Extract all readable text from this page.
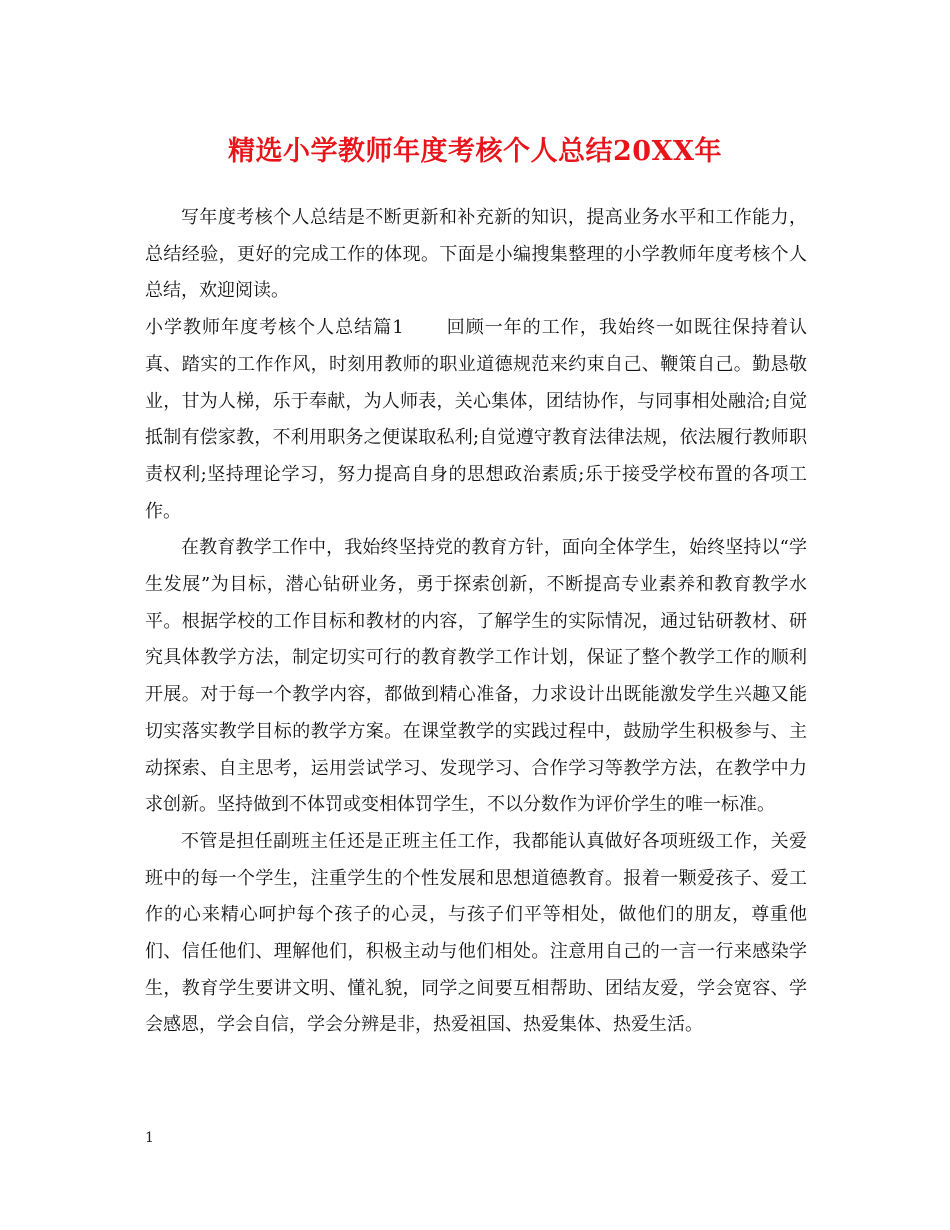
精选小学教师年度考核个人总结20XX年

写年度考核个人总结是不断更新和补充新的知识，提高业务水平和工作能力，总结经验，更好的完成工作的体现。下面是小编搜集整理的小学教师年度考核个人总结，欢迎阅读。

小学教师年度考核个人总结篇1 回顾一年的工作，我始终一如既往保持着认真、踏实的工作作风，时刻用教师的职业道德规范来约束自己、鞭策自己。勤恳敬业，甘为人梯，乐于奉献，为人师表，关心集体，团结协作，与同事相处融洽;自觉抵制有偿家教，不利用职务之便谋取私利;自觉遵守教育法律法规，依法履行教师职责权利;坚持理论学习，努力提高自身的思想政治素质;乐于接受学校布置的各项工作。

在教育教学工作中，我始终坚持党的教育方针，面向全体学生，始终坚持以“学生发展”为目标，潜心钻研业务，勇于探索创新，不断提高专业素养和教育教学水平。根据学校的工作目标和教材的内容，了解学生的实际情况，通过钻研教材、研究具体教学方法，制定切实可行的教育教学工作计划，保证了整个教学工作的顺利开展。对于每一个教学内容，都做到精心准备，力求设计出既能激发学生兴趣又能切实落实教学目标的教学方案。在课堂教学的实践过程中，鼓励学生积极参与、主动探索、自主思考，运用尝试学习、发现学习、合作学习等教学方法，在教学中力求创新。坚持做到不体罚或变相体罚学生，不以分数作为评价学生的唯一标准。

不管是担任副班主任还是正班主任工作，我都能认真做好各项班级工作，关爱班中的每一个学生，注重学生的个性发展和思想道德教育。报着一颗爱孩子、爱工作的心来精心呵护每个孩子的心灵，与孩子们平等相处，做他们的朋友，尊重他们、信任他们、理解他们，积极主动与他们相处。注意用自己的一言一行来感染学生，教育学生要讲文明、懂礼貌，同学之间要互相帮助、团结友爱，学会宽容、学会感恩，学会自信，学会分辨是非，热爱祖国、热爱集体、热爱生活。

1
